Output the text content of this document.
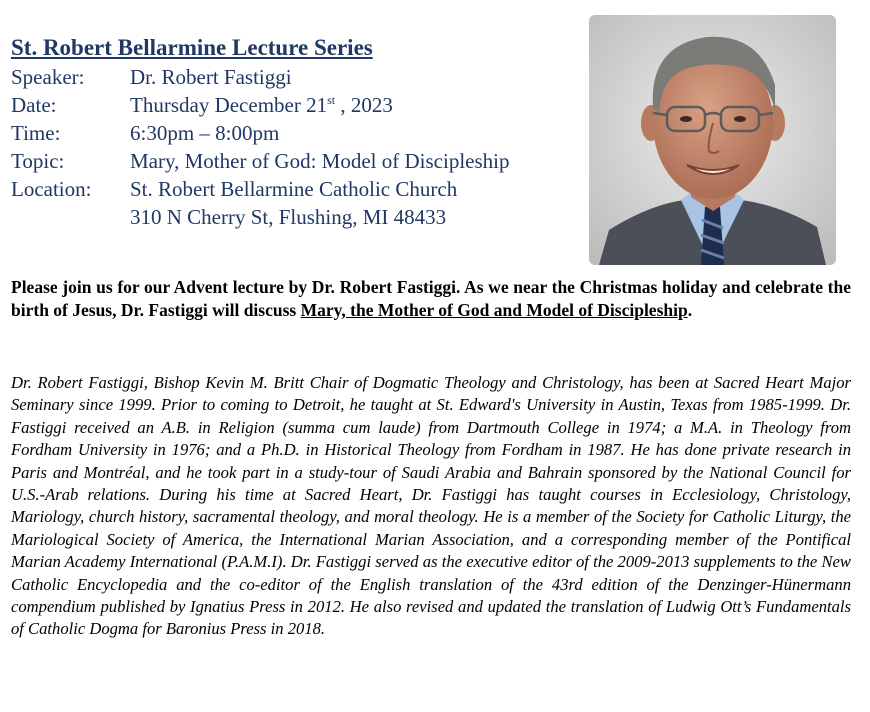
St. Robert Bellarmine Lecture Series
Speaker:	Dr. Robert Fastiggi
Date:	Thursday December 21st , 2023
Time:	6:30pm – 8:00pm
Topic:	Mary, Mother of God: Model of Discipleship
Location:	St. Robert Bellarmine Catholic Church
310 N Cherry St, Flushing, MI 48433

Please join us for our Advent lecture by Dr. Robert Fastiggi. As we near the Christmas holiday and celebrate the birth of Jesus, Dr. Fastiggi will discuss Mary, the Mother of God and Model of Discipleship.

Dr. Robert Fastiggi, Bishop Kevin M. Britt Chair of Dogmatic Theology and Christology, has been at Sacred Heart Major Seminary since 1999. Prior to coming to Detroit, he taught at St. Edward's University in Austin, Texas from 1985-1999. Dr. Fastiggi received an A.B. in Religion (summa cum laude) from Dartmouth College in 1974; a M.A. in Theology from Fordham University in 1976; and a Ph.D. in Historical Theology from Fordham in 1987. He has done private research in Paris and Montréal, and he took part in a study-tour of Saudi Arabia and Bahrain sponsored by the National Council for U.S.-Arab relations. During his time at Sacred Heart, Dr. Fastiggi has taught courses in Ecclesiology, Christology, Mariology, church history, sacramental theology, and moral theology. He is a member of the Society for Catholic Liturgy, the Mariological Society of America, the International Marian Association, and a corresponding member of the Pontifical Marian Academy International (P.A.M.I). Dr. Fastiggi served as the executive editor of the 2009-2013 supplements to the New Catholic Encyclopedia and the co-editor of the English translation of the 43rd edition of the Denzinger-Hünermann compendium published by Ignatius Press in 2012. He also revised and updated the translation of Ludwig Ott’s Fundamentals of Catholic Dogma for Baronius Press in 2018.
